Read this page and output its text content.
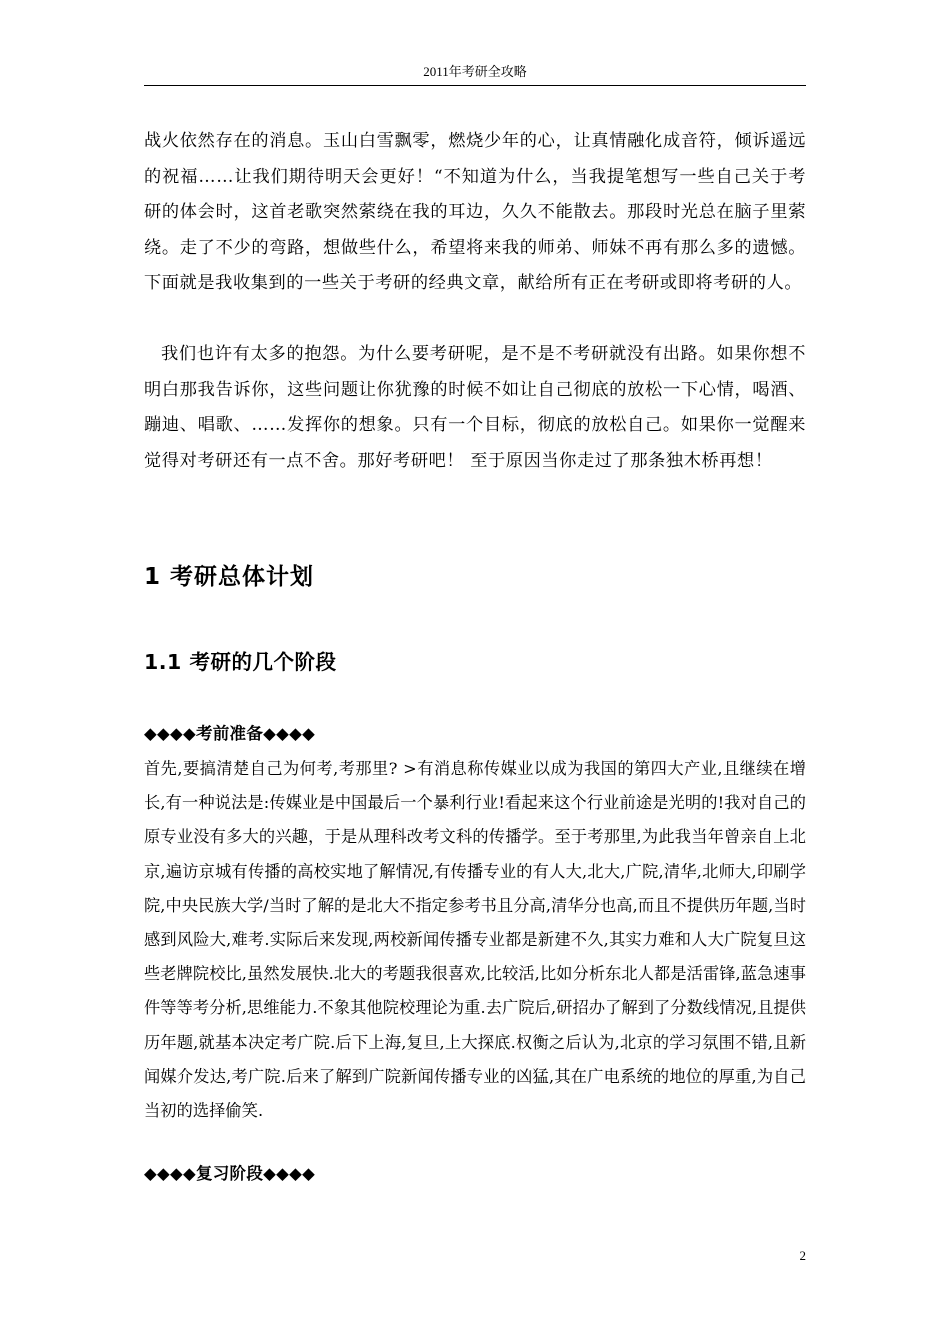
2011年考研全攻略

战火依然存在的消息。玉山白雪飘零，燃烧少年的心，让真情融化成音符，倾诉遥远的祝福……让我们期待明天会更好！“不知道为什么，当我提笔想写一些自己关于考研的体会时，这首老歌突然萦绕在我的耳边，久久不能散去。那段时光总在脑子里萦绕。走了不少的弯路，想做些什么，希望将来我的师弟、师妹不再有那么多的遗憾。下面就是我收集到的一些关于考研的经典文章，献给所有正在考研或即将考研的人。

我们也许有太多的抱怨。为什么要考研呢，是不是不考研就没有出路。如果你想不明白那我告诉你，这些问题让你犹豫的时候不如让自己彻底的放松一下心情，喝酒、蹦迪、唱歌、……发挥你的想象。只有一个目标，彻底的放松自己。如果你一觉醒来觉得对考研还有一点不舍。那好考研吧！ 至于原因当你走过了那条独木桥再想！

1 考研总体计划
1.1 考研的几个阶段

◆◆◆◆考前准备◆◆◆◆

首先,要搞清楚自己为何考,考那里? >有消息称传媒业以成为我国的第四大产业,且继续在增长,有一种说法是:传媒业是中国最后一个暴利行业!看起来这个行业前途是光明的!我对自己的原专业没有多大的兴趣，于是从理科改考文科的传播学。至于考那里,为此我当年曾亲自上北京,遍访京城有传播的高校实地了解情况,有传播专业的有人大,北大,广院,清华,北师大,印刷学院,中央民族大学/当时了解的是北大不指定参考书且分高,清华分也高,而且不提供历年题,当时感到风险大,难考.实际后来发现,两校新闻传播专业都是新建不久,其实力难和人大广院复旦这些老牌院校比,虽然发展快.北大的考题我很喜欢,比较活,比如分析东北人都是活雷锋,蓝急速事件等等考分析,思维能力.不象其他院校理论为重.去广院后,研招办了解到了分数线情况,且提供历年题,就基本决定考广院.后下上海,复旦,上大探底.权衡之后认为,北京的学习氛围不错,且新闻媒介发达,考广院.后来了解到广院新闻传播专业的凶猛,其在广电系统的地位的厚重,为自己当初的选择偷笑.

◆◆◆◆复习阶段◆◆◆◆

2
